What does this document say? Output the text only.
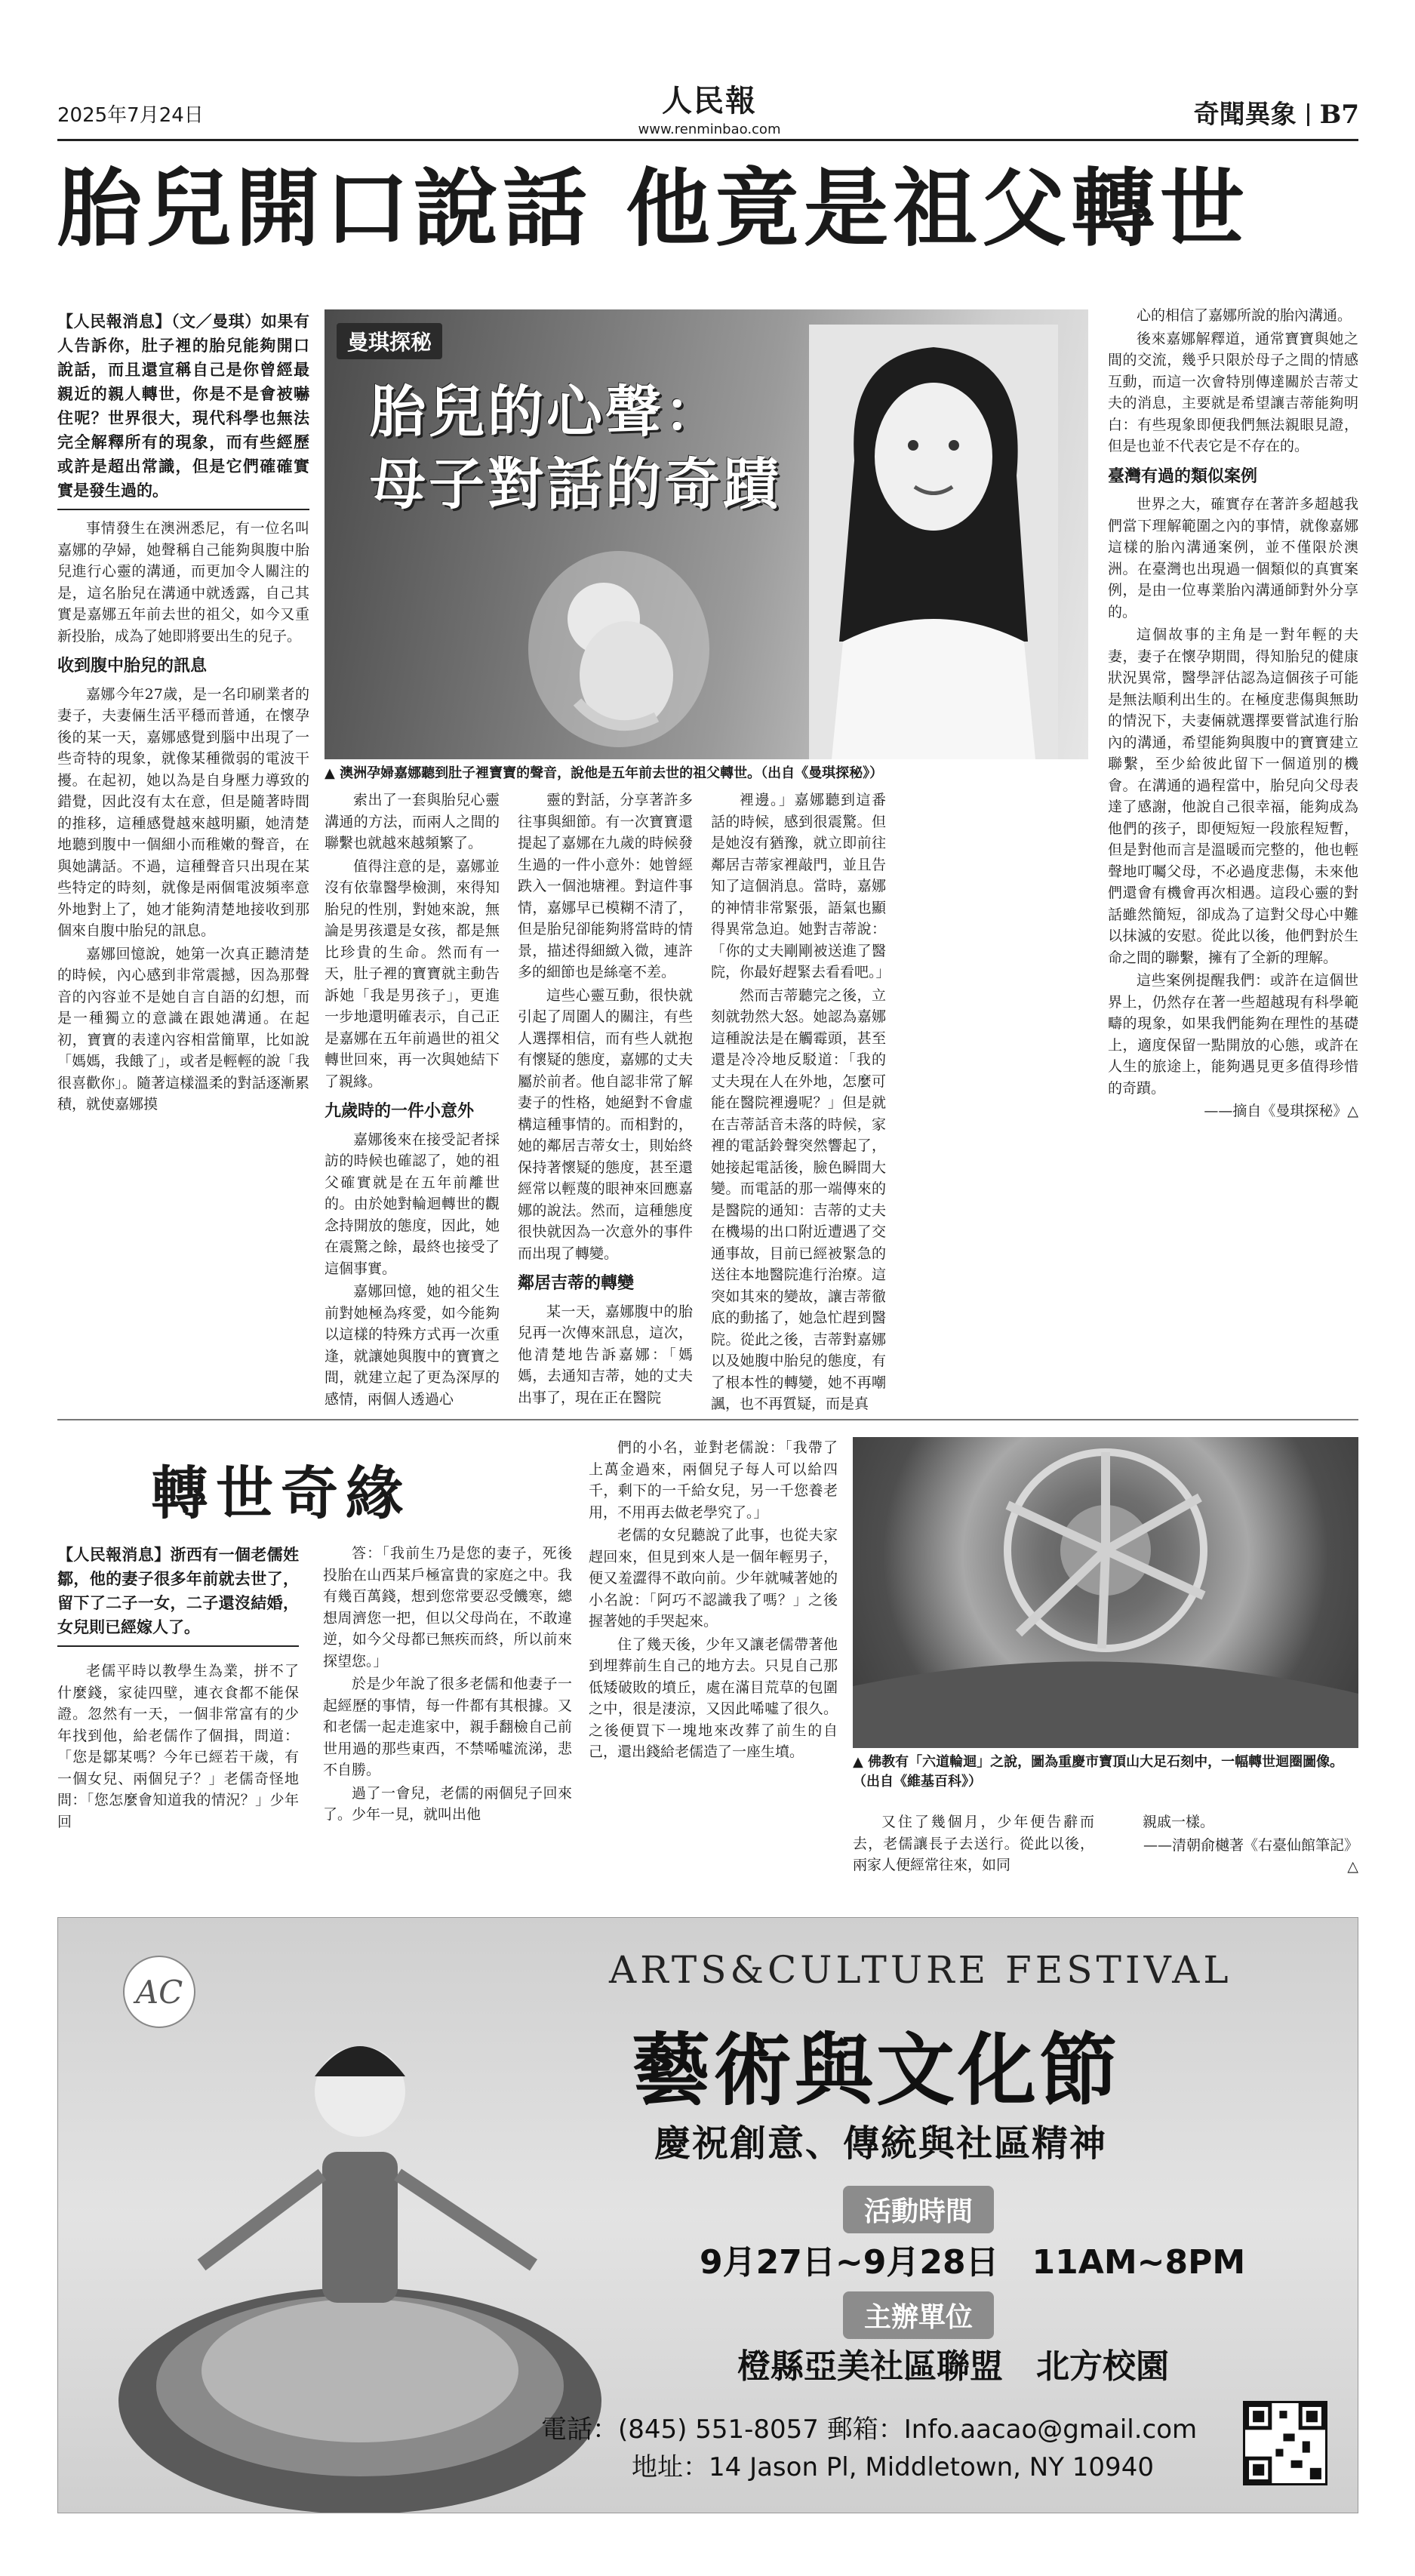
2025年7月24日	人民報
www.renminbao.com	奇聞異象 B7
胎兒開口說話 他竟是祖父轉世
【人民報消息】（文／曼琪）如果有人告訴你，肚子裡的胎兒能夠開口說話，而且還宣稱自己是你曾經最親近的親人轉世，你是不是會被嚇住呢？世界很大，現代科學也無法完全解釋所有的現象，而有些經歷或許是超出常識，但是它們確確實實是發生過的。

事情發生在澳洲悉尼，有一位名叫嘉娜的孕婦，她聲稱自己能夠與腹中胎兒進行心靈的溝通，而更加令人關注的是，這名胎兒在溝通中就透露，自己其實是嘉娜五年前去世的祖父，如今又重新投胎，成為了她即將要出生的兒子。

收到腹中胎兒的訊息

嘉娜今年27歲，是一名印刷業者的妻子，夫妻倆生活平穩而普通，在懷孕後的某一天，嘉娜感覺到腦中出現了一些奇特的現象，就像某種微弱的電波干擾。在起初，她以為是自身壓力導致的錯覺，因此沒有太在意，但是隨著時間的推移，這種感覺越來越明顯，她清楚地聽到腹中一個細小而稚嫩的聲音，在與她講話。不過，這種聲音只出現在某些特定的時刻，就像是兩個電波頻率意外地對上了，她才能夠清楚地接收到那個來自腹中胎兒的訊息。

嘉娜回憶說，她第一次真正聽清楚的時候，內心感到非常震撼，因為那聲音的內容並不是她自言自語的幻想，而是一種獨立的意識在跟她溝通。在起初，寶寶的表達內容相當簡單，比如說「媽媽，我餓了」，或者是輕輕的說「我很喜歡你」。隨著這樣溫柔的對話逐漸累積，就使嘉娜摸

曼琪探秘
胎兒的心聲：
母子對話的奇蹟
▲ 澳洲孕婦嘉娜聽到肚子裡寶寶的聲音，說他是五年前去世的祖父轉世。（出自《曼琪探秘》）

索出了一套與胎兒心靈溝通的方法，而兩人之間的聯繫也就越來越頻繁了。

值得注意的是，嘉娜並沒有依靠醫學檢測，來得知胎兒的性別，對她來說，無論是男孩還是女孩，都是無比珍貴的生命。然而有一天，肚子裡的寶寶就主動告訴她「我是男孩子」，更進一步地還明確表示，自己正是嘉娜在五年前過世的祖父轉世回來，再一次與她結下了親緣。

九歲時的一件小意外

嘉娜後來在接受記者採訪的時候也確認了，她的祖父確實就是在五年前離世的。由於她對輪迴轉世的觀念持開放的態度，因此，她在震驚之餘，最終也接受了這個事實。

嘉娜回憶，她的祖父生前對她極為疼愛，如今能夠以這樣的特殊方式再一次重逢，就讓她與腹中的寶寶之間，就建立起了更為深厚的感情，兩個人透過心

靈的對話，分享著許多往事與細節。有一次寶寶還提起了嘉娜在九歲的時候發生過的一件小意外：她曾經跌入一個池塘裡。對這件事情，嘉娜早已模糊不清了，但是胎兒卻能夠將當時的情景，描述得細緻入微，連許多的細節也是絲毫不差。

這些心靈互動，很快就引起了周圍人的關注，有些人選擇相信，而有些人就抱有懷疑的態度，嘉娜的丈夫屬於前者。他自認非常了解妻子的性格，她絕對不會虛構這種事情的。而相對的，她的鄰居吉蒂女士，則始終保持著懷疑的態度，甚至還經常以輕蔑的眼神來回應嘉娜的說法。然而，這種態度很快就因為一次意外的事件而出現了轉變。

鄰居吉蒂的轉變

某一天，嘉娜腹中的胎兒再一次傳來訊息，這次，他清楚地告訴嘉娜：「媽媽，去通知吉蒂，她的丈夫出事了，現在正在醫院

裡邊。」嘉娜聽到這番話的時候，感到很震驚。但是她沒有猶豫，就立即前往鄰居吉蒂家裡敲門，並且告知了這個消息。當時，嘉娜的神情非常緊張，語氣也顯得異常急迫。她對吉蒂說：「你的丈夫剛剛被送進了醫院，你最好趕緊去看看吧。」

然而吉蒂聽完之後，立刻就勃然大怒。她認為嘉娜這種說法是在觸霉頭，甚至還是冷冷地反駁道：「我的丈夫現在人在外地，怎麼可能在醫院裡邊呢？」但是就在吉蒂話音未落的時候，家裡的電話鈴聲突然響起了，她接起電話後，臉色瞬間大變。而電話的那一端傳來的是醫院的通知：吉蒂的丈夫在機場的出口附近遭遇了交通事故，目前已經被緊急的送往本地醫院進行治療。這突如其來的變故，讓吉蒂徹底的動搖了，她急忙趕到醫院。從此之後，吉蒂對嘉娜以及她腹中胎兒的態度，有了根本性的轉變，她不再嘲諷，也不再質疑，而是真

心的相信了嘉娜所說的胎內溝通。

後來嘉娜解釋道，通常寶寶與她之間的交流，幾乎只限於母子之間的情感互動，而這一次會特別傳達關於吉蒂丈夫的消息，主要就是希望讓吉蒂能夠明白：有些現象即便我們無法親眼見證，但是也並不代表它是不存在的。

臺灣有過的類似案例

世界之大，確實存在著許多超越我們當下理解範圍之內的事情，就像嘉娜這樣的胎內溝通案例，並不僅限於澳洲。在臺灣也出現過一個類似的真實案例，是由一位專業胎內溝通師對外分享的。

這個故事的主角是一對年輕的夫妻，妻子在懷孕期間，得知胎兒的健康狀況異常，醫學評估認為這個孩子可能是無法順利出生的。在極度悲傷與無助的情況下，夫妻倆就選擇要嘗試進行胎內的溝通，希望能夠與腹中的寶寶建立聯繫，至少給彼此留下一個道別的機會。在溝通的過程當中，胎兒向父母表達了感謝，他說自己很幸福，能夠成為他們的孩子，即便短短一段旅程短暫，但是對他而言是溫暖而完整的，他也輕聲地叮囑父母，不必過度悲傷，未來他們還會有機會再次相遇。這段心靈的對話雖然簡短，卻成為了這對父母心中難以抹滅的安慰。從此以後，他們對於生命之間的聯繫，擁有了全新的理解。

這些案例提醒我們：或許在這個世界上，仍然存在著一些超越現有科學範疇的現象，如果我們能夠在理性的基礎上，適度保留一點開放的心態，或許在人生的旅途上，能夠遇見更多值得珍惜的奇蹟。

——摘自《曼琪探秘》△

轉世奇緣
【人民報消息】浙西有一個老儒姓鄒，他的妻子很多年前就去世了，留下了二子一女，二子還沒結婚，女兒則已經嫁人了。

老儒平時以教學生為業，拼不了什麼錢，家徒四壁，連衣食都不能保證。忽然有一天，一個非常富有的少年找到他，給老儒作了個揖，問道：「您是鄒某嗎？今年已經若干歲，有一個女兒、兩個兒子？」老儒奇怪地問：「您怎麼會知道我的情況？」少年回

答：「我前生乃是您的妻子，死後投胎在山西某戶極富貴的家庭之中。我有幾百萬錢，想到您常要忍受饑寒，總想周濟您一把，但以父母尚在，不敢違逆，如今父母都已無疾而終，所以前來探望您。」

於是少年說了很多老儒和他妻子一起經歷的事情，每一件都有其根據。又和老儒一起走進家中，親手翻檢自己前世用過的那些東西，不禁唏噓流涕，悲不自勝。

過了一會兒，老儒的兩個兒子回來了。少年一見，就叫出他

們的小名，並對老儒說：「我帶了上萬金過來，兩個兒子每人可以給四千，剩下的一千給女兒，另一千您養老用，不用再去做老學究了。」

老儒的女兒聽說了此事，也從夫家趕回來，但見到來人是一個年輕男子，便又羞澀得不敢向前。少年就喊著她的小名說：「阿巧不認識我了嗎？」之後握著她的手哭起來。

住了幾天後，少年又讓老儒帶著他到埋葬前生自己的地方去。只見自己那低矮破敗的墳丘，處在滿目荒草的包圍之中，很是淒涼，又因此唏噓了很久。之後便買下一塊地來改葬了前生的自己，還出錢給老儒造了一座生墳。

▲ 佛教有「六道輪迴」之說，圖為重慶市寶頂山大足石刻中，一幅轉世迴圈圖像。（出自《維基百科》）

又住了幾個月，少年便告辭而去，老儒讓長子去送行。從此以後，兩家人便經常往來，如同

親戚一樣。

——清朝俞樾著《右臺仙館筆記》△

AC
ARTS&CULTURE FESTIVAL
藝術與文化節
慶祝創意、傳統與社區精神
活動時間
9月27日~9月28日　11AM~8PM
主辦單位
橙縣亞美社區聯盟　北方校園
電話：(845) 551-8057 郵箱：Info.aacao@gmail.com
地址：14 Jason Pl, Middletown, NY 10940
